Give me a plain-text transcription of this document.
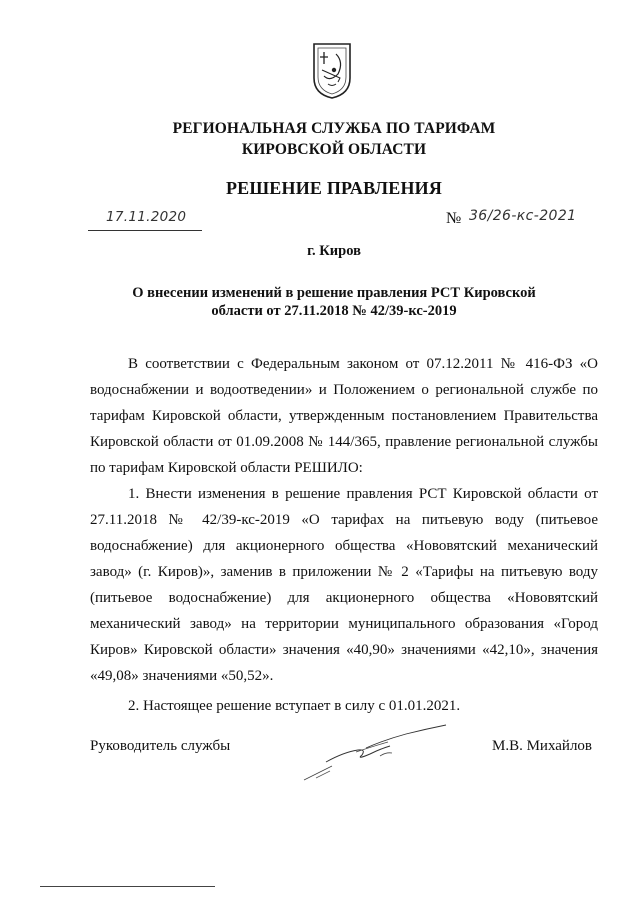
РЕГИОНАЛЬНАЯ СЛУЖБА ПО ТАРИФАМ
КИРОВСКОЙ ОБЛАСТИ
РЕШЕНИЕ ПРАВЛЕНИЯ
17.11.2020	№ 36/26-кс-2021
г. Киров
О внесении изменений в решение правления РСТ Кировской
области от 27.11.2018 № 42/39-кс-2019

В соответствии с Федеральным законом от 07.12.2011 № 416-ФЗ «О водоснабжении и водоотведении» и Положением о региональной службе по тарифам Кировской области, утвержденным постановлением Правительства Кировской области от 01.09.2008 № 144/365, правление региональной службы по тарифам Кировской области РЕШИЛО:

1. Внести изменения в решение правления РСТ Кировской области от 27.11.2018 № 42/39-кс-2019 «О тарифах на питьевую воду (питьевое водоснабжение) для акционерного общества «Нововятский механический завод» (г. Киров)», заменив в приложении № 2 «Тарифы на питьевую воду (питьевое водоснабжение) для акционерного общества «Нововятский механический завод» на территории муниципального образования «Город Киров» Кировской области» значения «40,90» значениями «42,10», значения «49,08» значениями «50,52».

2. Настоящее решение вступает в силу с 01.01.2021.

Руководитель службы	М.В. Михайлов
